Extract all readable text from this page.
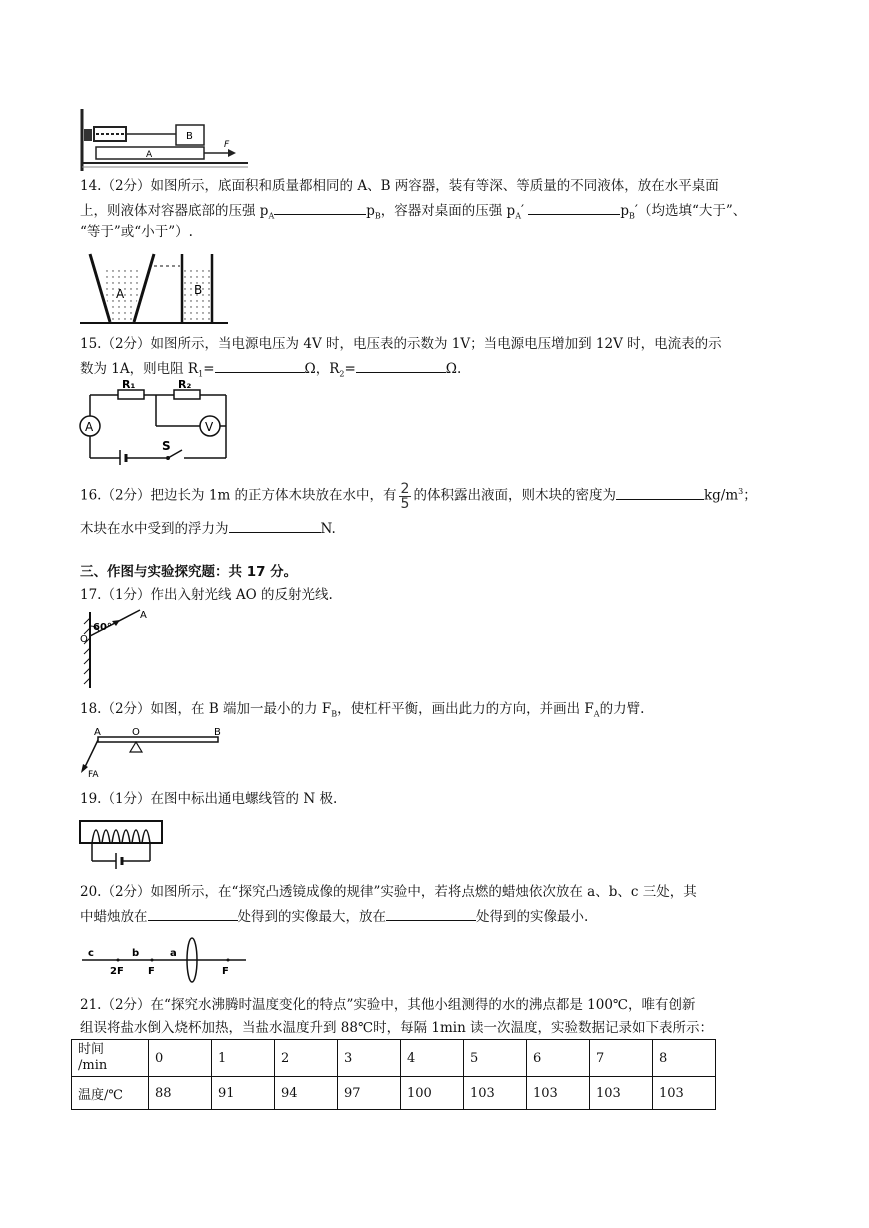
B
A
F
14.（2分）如图所示，底面积和质量都相同的 A、B 两容器，装有等深、等质量的不同液体，放在水平桌面
上，则液体对容器底部的压强 $p_A$	$p_B$，容器对桌面的压强 $p_A'$	$p_B'$（均选填“大于”、
“等于”或“小于”）.
A	B
15.（2分）如图所示，当电源电压为 4V 时，电压表的示数为 1V；当电源电压增加到 12V 时，电流表的示
数为 1A，则电阻 $R_1=$	Ω，$R_2=$	Ω.
R₁	R₂
A	V
S
16.（2分）把边长为 1m 的正方体木块放在水中，有 $\frac{2}{5}$ 的体积露出液面，则木块的密度为	$kg/m^3$；
木块在水中受到的浮力为	N.
三、作图与实验探究题：共 17 分。
17.（1分）作出入射光线 AO 的反射光线.
60°
A
O
18.（2分）如图，在 B 端加一最小的力 $F_B$，使杠杆平衡，画出此力的方向，并画出 $F_A$的力臂.
O
A	B
FA
19.（1分）在图中标出通电螺线管的 N 极.
20.（2分）如图所示，在“探究凸透镜成像的规律”实验中，若将点燃的蜡烛依次放在 a、b、c 三处，其
中蜡烛放在	处得到的实像最大，放在	处得到的实像最小.
c	b	a
2F F	F
21.（2分）在“探究水沸腾时温度变化的特点”实验中，其他小组测得的水的沸点都是 100℃，唯有创新
组误将盐水倒入烧杯加热，当盐水温度升到 88℃时，每隔 1min 读一次温度，实验数据记录如下表所示：
时间
/min	0	1	2	3	4	5	6	7	8
温度/℃	88	91	94	97	100	103	103	103	103
